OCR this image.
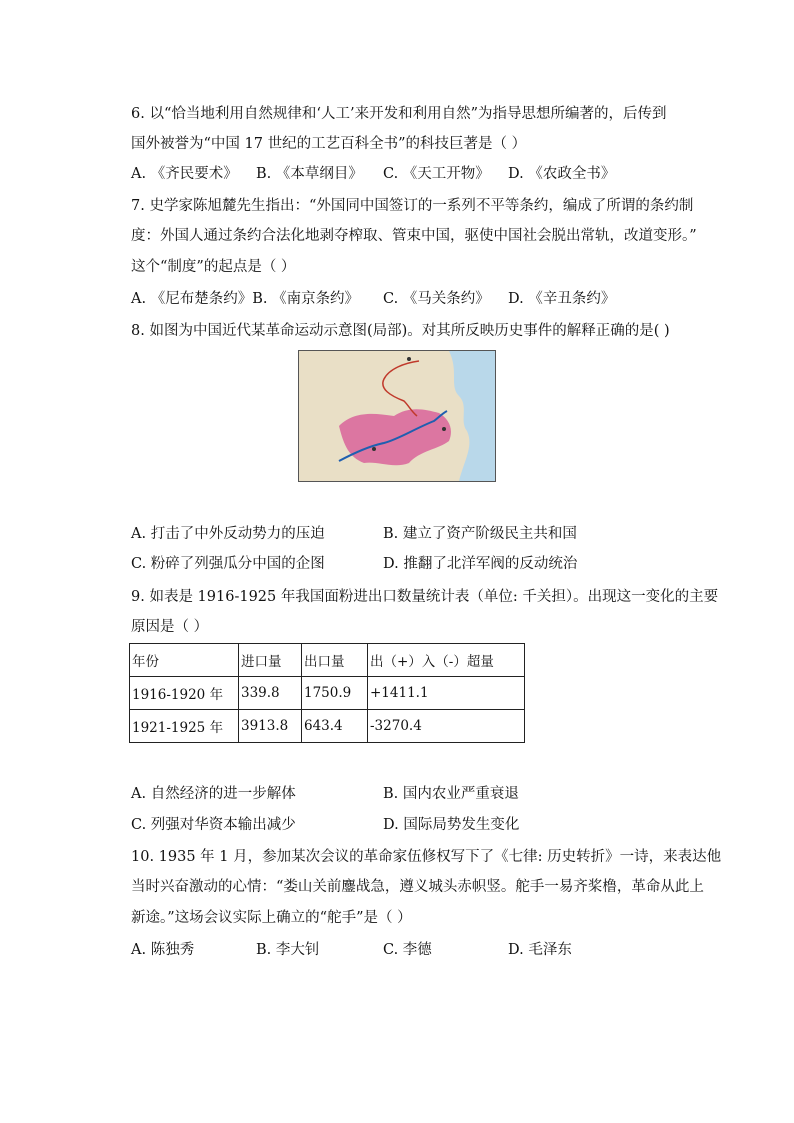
6. 以“恰当地利用自然规律和‘人工’来开发和利用自然”为指导思想所编著的，后传到
国外被誉为“中国 17 世纪的工艺百科全书”的科技巨著是（ ）
A. 《齐民要术》 B. 《本草纲目》 C. 《天工开物》 D. 《农政全书》
7. 史学家陈旭麓先生指出：“外国同中国签订的一系列不平等条约，编成了所谓的条约制
度：外国人通过条约合法化地剥夺榨取、管束中国，驱使中国社会脱出常轨，改道变形。”
这个“制度”的起点是（ ）
A. 《尼布楚条约》B. 《南京条约》 C. 《马关条约》 D. 《辛丑条约》
8. 如图为中国近代某革命运动示意图(局部)。对其所反映历史事件的解释正确的是( )
A. 打击了中外反动势力的压迫	B. 建立了资产阶级民主共和国
C. 粉碎了列强瓜分中国的企图	D. 推翻了北洋军阀的反动统治
9. 如表是 1916-1925 年我国面粉进出口数量统计表（单位: 千关担）。出现这一变化的主要
原因是（ ）
年份	进口量	出口量	出（+）入（-）超量
1916-1920 年	339.8	1750.9	+1411.1
1921-1925 年	3913.8	643.4	-3270.4
A. 自然经济的进一步解体	B. 国内农业严重衰退
C. 列强对华资本输出减少	D. 国际局势发生变化
10. 1935 年 1 月，参加某次会议的革命家伍修权写下了《七律: 历史转折》一诗，来表达他
当时兴奋激动的心情：“娄山关前鏖战急，遵义城头赤帜竖。舵手一易齐桨橹，革命从此上
新途。”这场会议实际上确立的“舵手”是（ ）
A. 陈独秀	B. 李大钊	C. 李德	D. 毛泽东
